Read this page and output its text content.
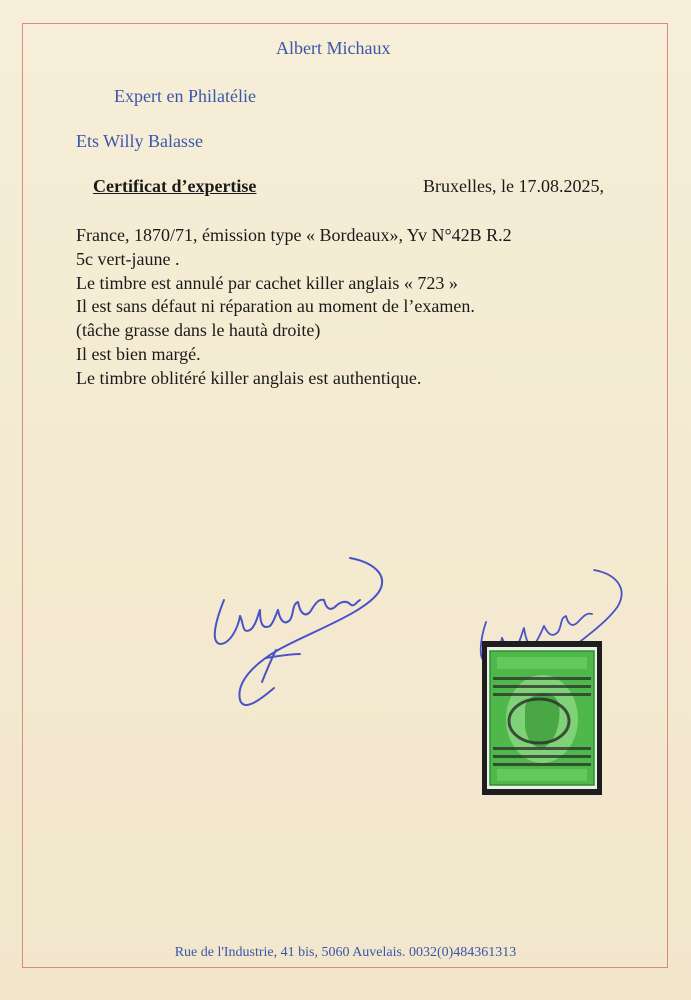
Albert Michaux
Expert en Philatélie
Ets Willy Balasse
Certificat d’expertise	Bruxelles, le 17.08.2025,
France, 1870/71, émission type « Bordeaux», Yv N°42B R.2
5c vert-jaune .
Le timbre est annulé par cachet killer anglais « 723 »
Il est sans défaut ni réparation au moment de l’examen.
(tâche grasse dans le hautà droite)
Il est bien margé.
Le timbre oblitéré killer anglais est authentique.
Rue de l'Industrie, 41 bis, 5060 Auvelais. 0032(0)484361313
